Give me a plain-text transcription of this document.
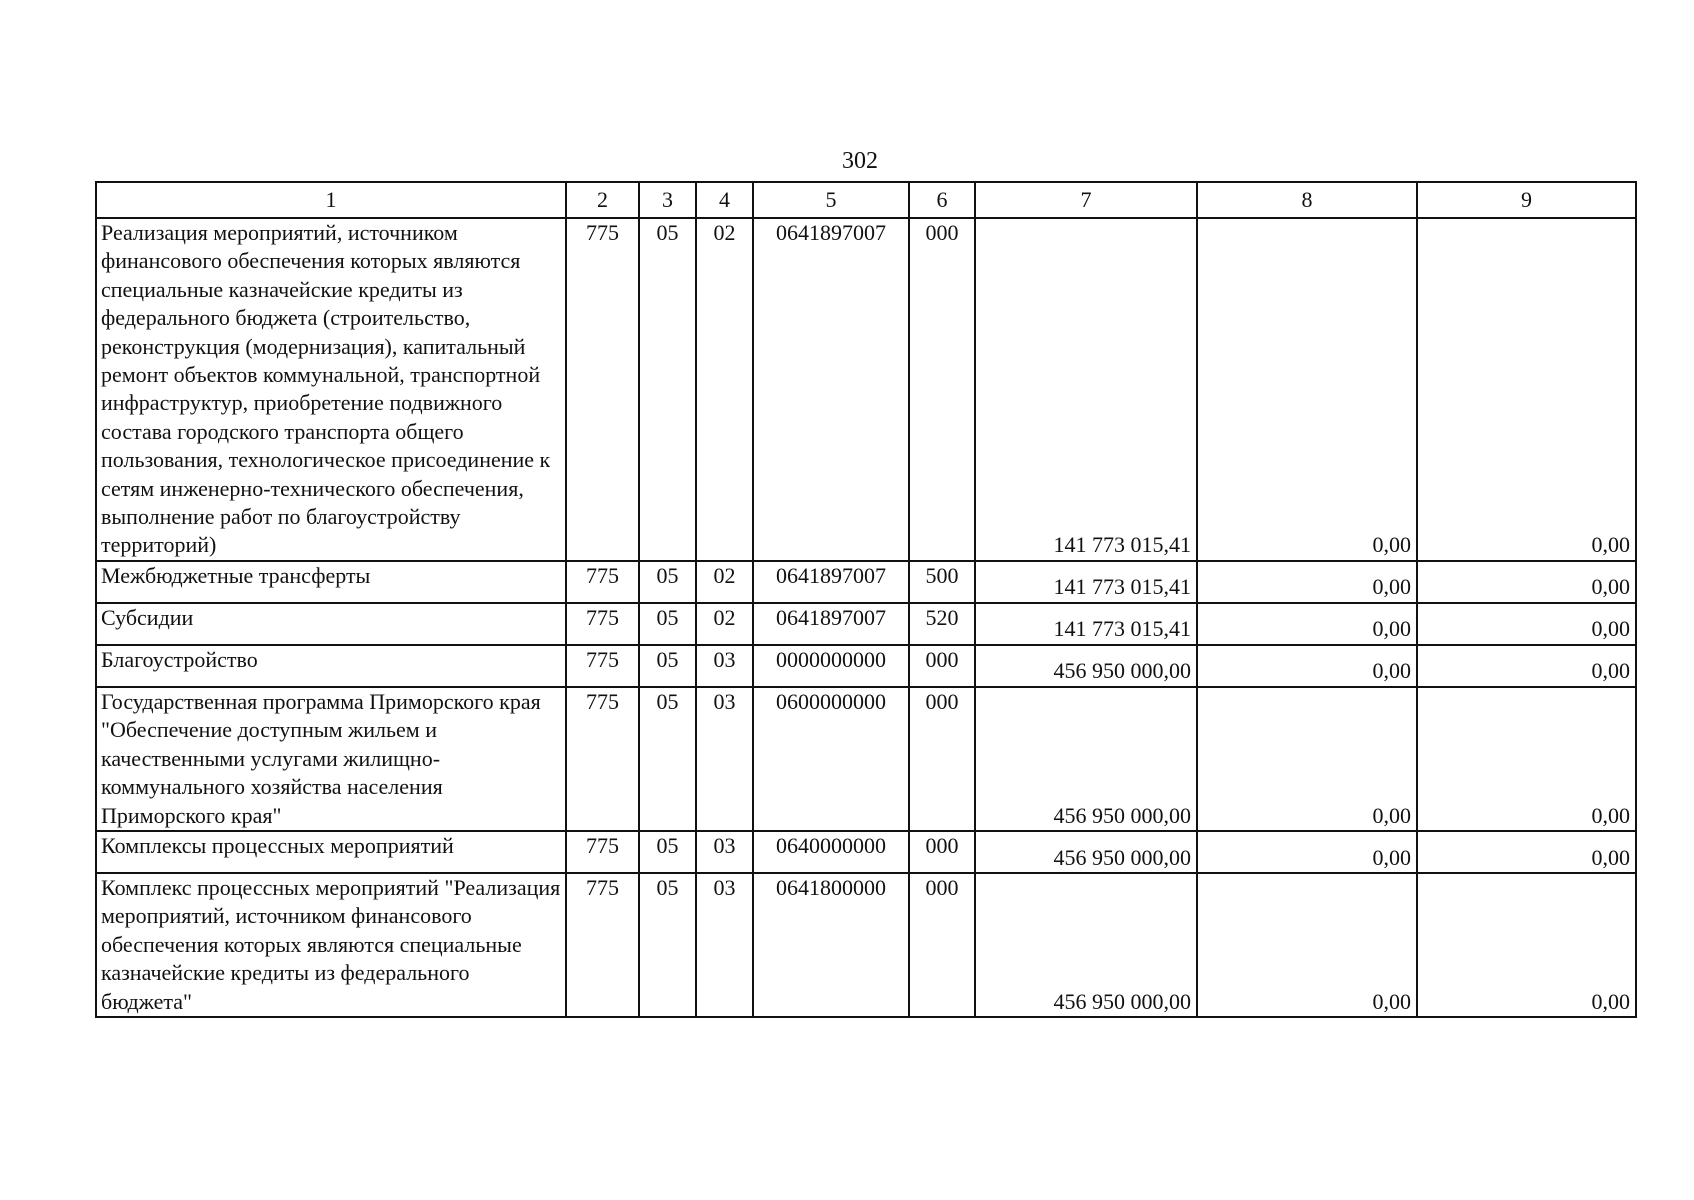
302
1	2	3	4	5	6	7	8	9
Реализация мероприятий, источником финансового обеспечения которых являются специальные казначейские кредиты из федерального бюджета (строительство, реконструкция (модернизация), капитальный ремонт объектов коммунальной, транспортной инфраструктур, приобретение подвижного состава городского транспорта общего пользования, технологическое присоединение к сетям инженерно-технического обеспечения, выполнение работ по благоустройству территорий)	775	05	02	0641897007	000	141 773 015,41	0,00	0,00
Межбюджетные трансферты	775	05	02	0641897007	500	141 773 015,41	0,00	0,00
Субсидии	775	05	02	0641897007	520	141 773 015,41	0,00	0,00
Благоустройство	775	05	03	0000000000	000	456 950 000,00	0,00	0,00
Государственная программа Приморского края "Обеспечение доступным жильем и качественными услугами жилищно-коммунального хозяйства населения Приморского края"	775	05	03	0600000000	000	456 950 000,00	0,00	0,00
Комплексы процессных мероприятий	775	05	03	0640000000	000	456 950 000,00	0,00	0,00
Комплекс процессных мероприятий "Реализация мероприятий, источником финансового обеспечения которых являются специальные казначейские кредиты из федерального бюджета"	775	05	03	0641800000	000	456 950 000,00	0,00	0,00
